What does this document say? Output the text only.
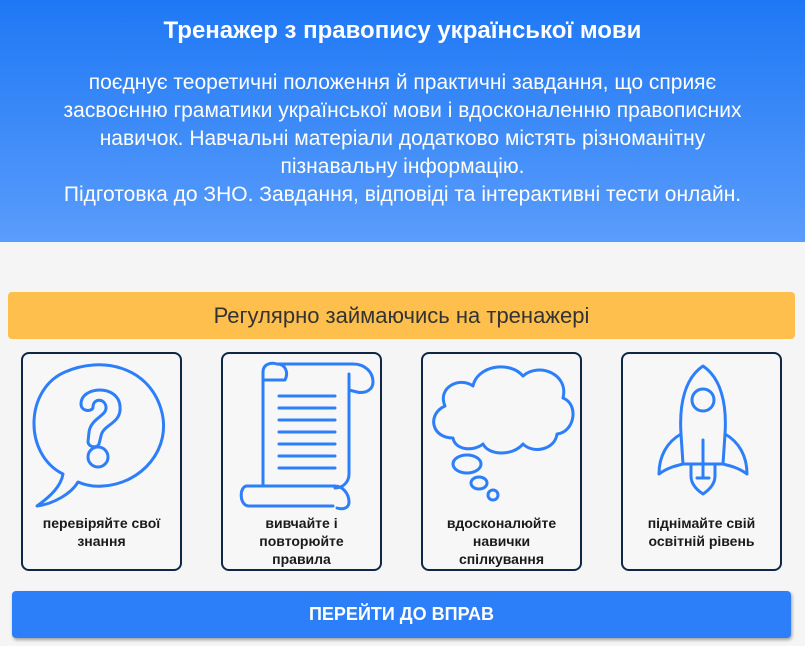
Тренажер з правопису української мови
поєднує теоретичні положення й практичні завдання, що сприяє
засвоєнню граматики української мови і вдосконаленню правописних
навичок. Навчальні матеріали додатково містять різноманітну
пізнавальну інформацію.
Підготовка до ЗНО. Завдання, відповіді та інтерактивні тести онлайн.
Регулярно займаючись на тренажері
перевіряйте свої
знання
вивчайте і
повторюйте
правила
вдосконалюйте
навички
спілкування
піднімайте свій
освітній рівень
ПЕРЕЙТИ ДО ВПРАВ
